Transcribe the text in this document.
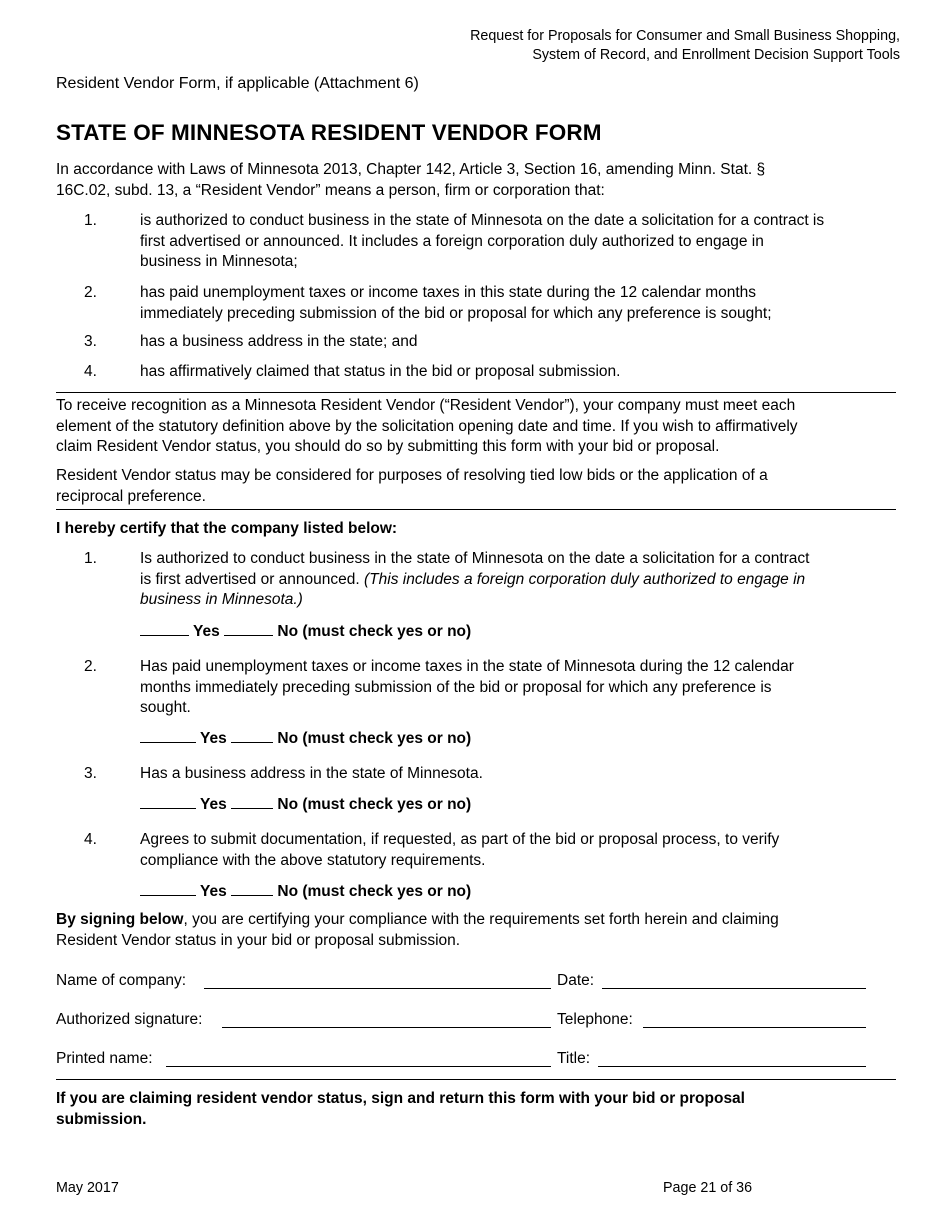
Request for Proposals for Consumer and Small Business Shopping,
System of Record, and Enrollment Decision Support Tools
Resident Vendor Form, if applicable (Attachment 6)
STATE OF MINNESOTA RESIDENT VENDOR FORM
In accordance with Laws of Minnesota 2013, Chapter 142, Article 3, Section 16, amending Minn. Stat. §
16C.02, subd. 13, a “Resident Vendor” means a person, firm or corporation that:
1.	is authorized to conduct business in the state of Minnesota on the date a solicitation for a contract is
first advertised or announced. It includes a foreign corporation duly authorized to engage in
business in Minnesota;
2.	has paid unemployment taxes or income taxes in this state during the 12 calendar months
immediately preceding submission of the bid or proposal for which any preference is sought;
3.	has a business address in the state; and
4.	has affirmatively claimed that status in the bid or proposal submission.
To receive recognition as a Minnesota Resident Vendor (“Resident Vendor”), your company must meet each
element of the statutory definition above by the solicitation opening date and time. If you wish to affirmatively
claim Resident Vendor status, you should do so by submitting this form with your bid or proposal.
Resident Vendor status may be considered for purposes of resolving tied low bids or the application of a
reciprocal preference.
I hereby certify that the company listed below:
1.	Is authorized to conduct business in the state of Minnesota on the date a solicitation for a contract
is first advertised or announced. (This includes a foreign corporation duly authorized to engage in
business in Minnesota.)
Yes	No (must check yes or no)
2.	Has paid unemployment taxes or income taxes in the state of Minnesota during the 12 calendar
months immediately preceding submission of the bid or proposal for which any preference is
sought.
Yes	No (must check yes or no)
3.	Has a business address in the state of Minnesota.
Yes	No (must check yes or no)
4.	Agrees to submit documentation, if requested, as part of the bid or proposal process, to verify
compliance with the above statutory requirements.
Yes	No (must check yes or no)
By signing below, you are certifying your compliance with the requirements set forth herein and claiming
Resident Vendor status in your bid or proposal submission.
Name of company:	Date:
Authorized signature:	Telephone:
Printed name:	Title:
If you are claiming resident vendor status, sign and return this form with your bid or proposal
submission.
May 2017	Page 21 of 36
